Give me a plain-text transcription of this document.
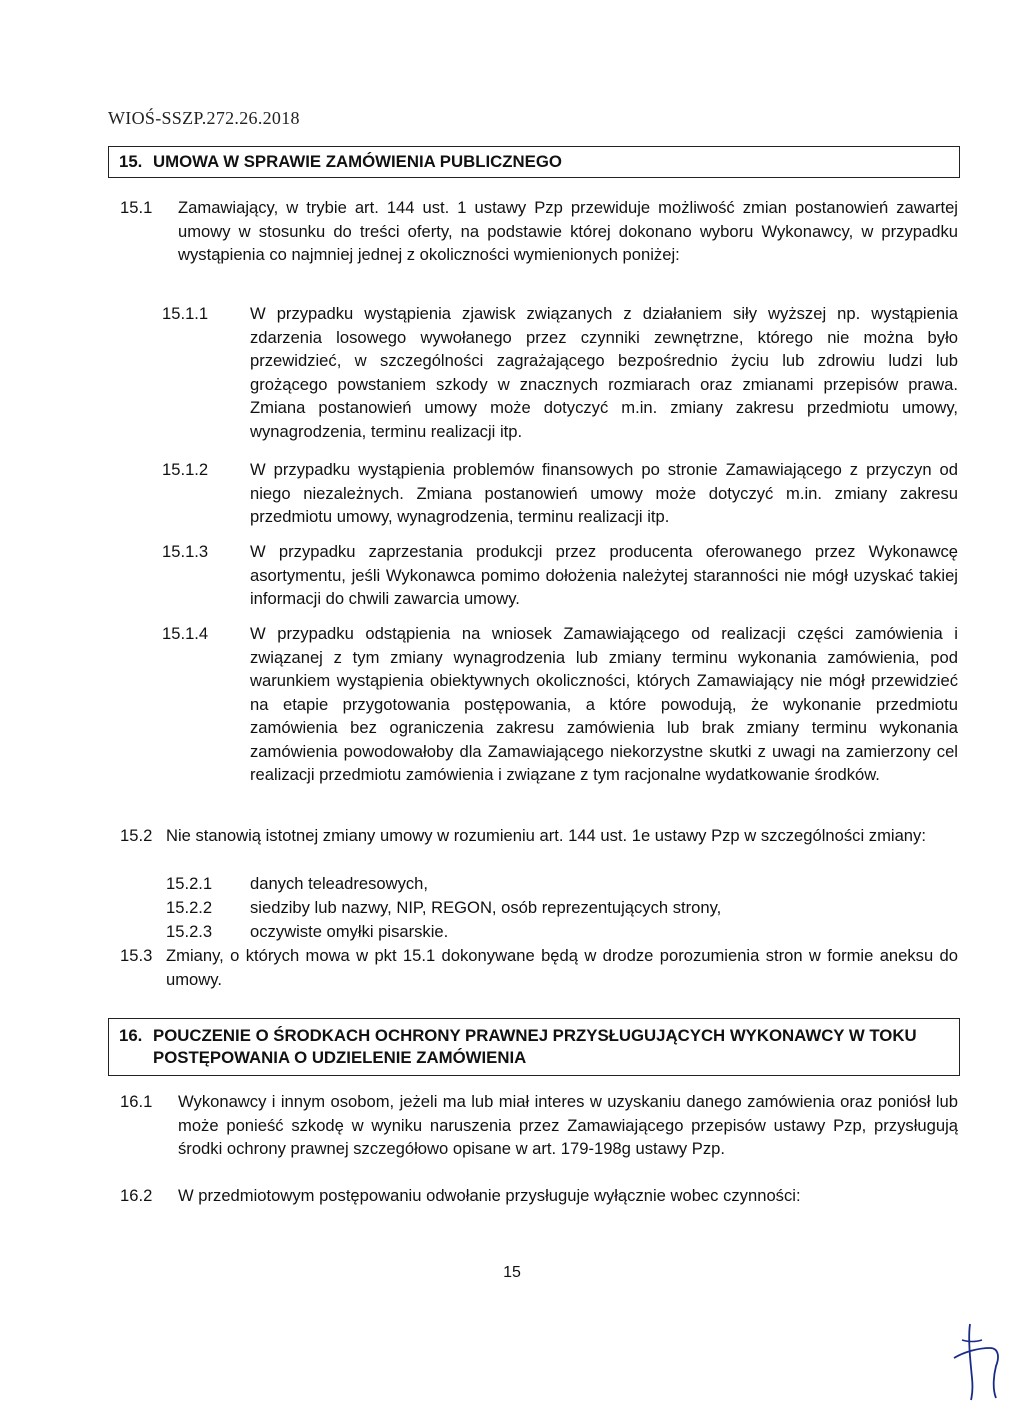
WIOŚ-SSZP.272.26.2018
15. UMOWA W SPRAWIE ZAMÓWIENIA PUBLICZNEGO
15.1 Zamawiający, w trybie art. 144 ust. 1 ustawy Pzp przewiduje możliwość zmian postanowień zawartej umowy w stosunku do treści oferty, na podstawie której dokonano wyboru Wykonawcy, w przypadku wystąpienia co najmniej jednej z okoliczności wymienionych poniżej:
15.1.1	W przypadku wystąpienia zjawisk związanych z działaniem siły wyższej np. wystąpienia zdarzenia losowego wywołanego przez czynniki zewnętrzne, którego nie można było przewidzieć, w szczególności zagrażającego bezpośrednio życiu lub zdrowiu ludzi lub grożącego powstaniem szkody w znacznych rozmiarach oraz zmianami przepisów prawa. Zmiana postanowień umowy może dotyczyć m.in. zmiany zakresu przedmiotu umowy, wynagrodzenia, terminu realizacji itp.
15.1.2	W przypadku wystąpienia problemów finansowych po stronie Zamawiającego z przyczyn od niego niezależnych. Zmiana postanowień umowy może dotyczyć m.in. zmiany zakresu przedmiotu umowy, wynagrodzenia, terminu realizacji itp.
15.1.3	W przypadku zaprzestania produkcji przez producenta oferowanego przez Wykonawcę asortymentu, jeśli Wykonawca pomimo dołożenia należytej staranności nie mógł uzyskać takiej informacji do chwili zawarcia umowy.
15.1.4	W przypadku odstąpienia na wniosek Zamawiającego od realizacji części zamówienia i związanej z tym zmiany wynagrodzenia lub zmiany terminu wykonania zamówienia, pod warunkiem wystąpienia obiektywnych okoliczności, których Zamawiający nie mógł przewidzieć na etapie przygotowania postępowania, a które powodują, że wykonanie przedmiotu zamówienia bez ograniczenia zakresu zamówienia lub brak zmiany terminu wykonania zamówienia powodowałoby dla Zamawiającego niekorzystne skutki z uwagi na zamierzony cel realizacji przedmiotu zamówienia i związane z tym racjonalne wydatkowanie środków.
15.2 Nie stanowią istotnej zmiany umowy w rozumieniu art. 144 ust. 1e ustawy Pzp w szczególności zmiany:
15.2.1 danych teleadresowych,
15.2.2 siedziby lub nazwy, NIP, REGON, osób reprezentujących strony,
15.2.3 oczywiste omyłki pisarskie.
15.3 Zmiany, o których mowa w pkt 15.1 dokonywane będą w drodze porozumienia stron w formie aneksu do umowy.
16. POUCZENIE O ŚRODKACH OCHRONY PRAWNEJ PRZYSŁUGUJĄCYCH WYKONAWCY W TOKU POSTĘPOWANIA O UDZIELENIE ZAMÓWIENIA
16.1 Wykonawcy i innym osobom, jeżeli ma lub miał interes w uzyskaniu danego zamówienia oraz poniósł lub może ponieść szkodę w wyniku naruszenia przez Zamawiającego przepisów ustawy Pzp, przysługują środki ochrony prawnej szczegółowo opisane w art. 179-198g ustawy Pzp.
16.2 W przedmiotowym postępowaniu odwołanie przysługuje wyłącznie wobec czynności:
15
